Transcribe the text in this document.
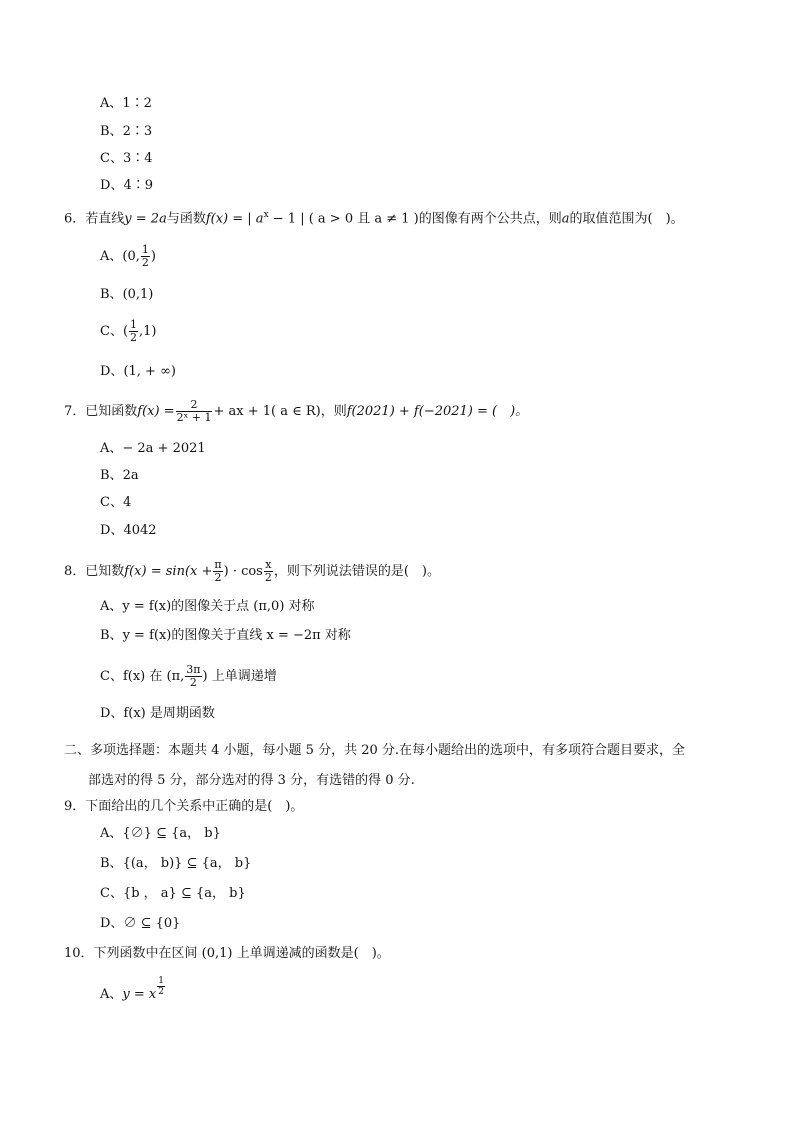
A、1∶2
B、2∶3
C、3∶4
D、4∶9
6．若直线y = 2a与函数f(x) = | $a^x - 1$ | ( a > 0 且 a ≠ 1 )的图像有两个公共点，则a的取值范围为(　)。
A、(0, $\frac{1}{2}$ )
B、(0,1)
C、( $\frac{1}{2} ,1$)
D、(1, + ∞)
7．已知函数$f(x) = \frac{2}{\text{2ˣ + 1}}$ + ax + 1( a ∈ R)，则f(2021) + f(−2021) = (　)。
A、− 2a + 2021
B、2a
C、4
D、4042
8．已知数$f(x) = \sin(x + \frac{\pi}{2}$ ) · $\cos \frac{x}{2}$ ，则下列说法错误的是(　)。
A、y = f(x)的图像关于点 (π,0) 对称
B、y = f(x)的图像关于直线 x = −2π 对称
C、f(x) 在 (π, $\frac{3\pi}{2}$ ) 上单调递增
D、f(x) 是周期函数
二、多项选择题：本题共 4 小题，每小题 5 分，共 20 分.在每小题给出的选项中，有多项符合题目要求，全
部选对的得 5 分，部分选对的得 3 分，有选错的得 0 分.
9．下面给出的几个关系中正确的是(　)。
A、{∅} ⊆ {a， b}
B、{(a， b)} ⊆ {a， b}
C、{b ， a} ⊆ {a， b}
D、∅ ⊆ {0}
10．下列函数中在区间 (0,1) 上单调递减的函数是(　)。
A、y = x $\frac{1}{2}$
